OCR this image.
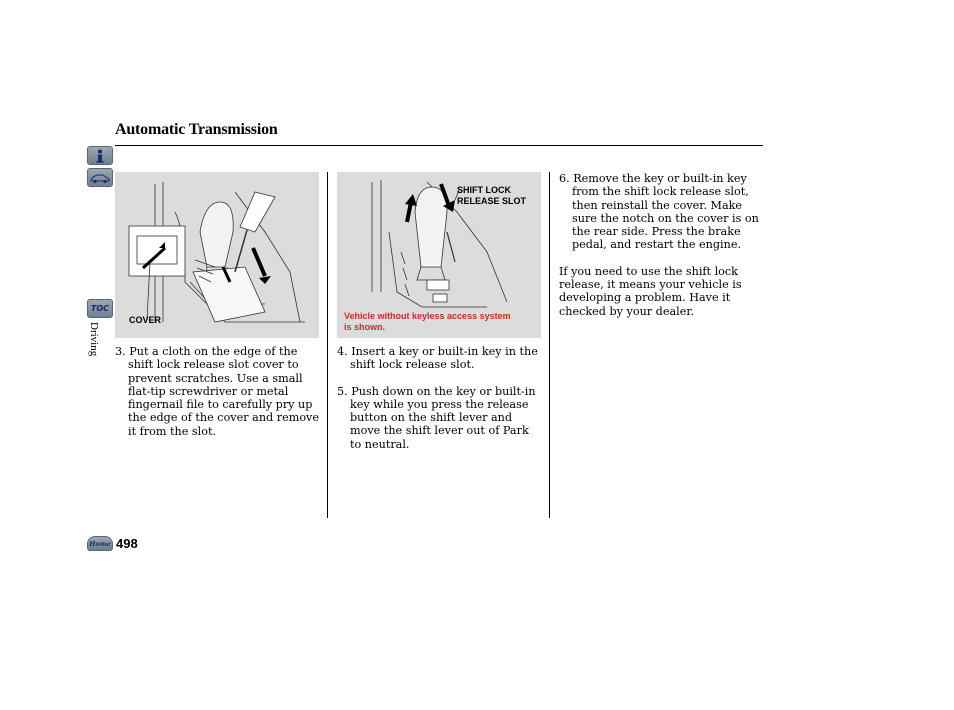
Automatic Transmission
TOC
Driving
COVER
SHIFT LOCK
RELEASE SLOT
Vehicle without keyless access system
is shown.

3. Put a cloth on the edge of the shift lock release slot cover to prevent scratches. Use a small flat-tip screwdriver or metal fingernail file to carefully pry up the edge of the cover and remove it from the slot.

4. Insert a key or built-in key in the shift lock release slot.

5. Push down on the key or built-in key while you press the release button on the shift lever and move the shift lever out of Park to neutral.

6. Remove the key or built-in key from the shift lock release slot, then reinstall the cover. Make sure the notch on the cover is on the rear side. Press the brake pedal, and restart the engine.

If you need to use the shift lock release, it means your vehicle is developing a problem. Have it checked by your dealer.

Home 498
